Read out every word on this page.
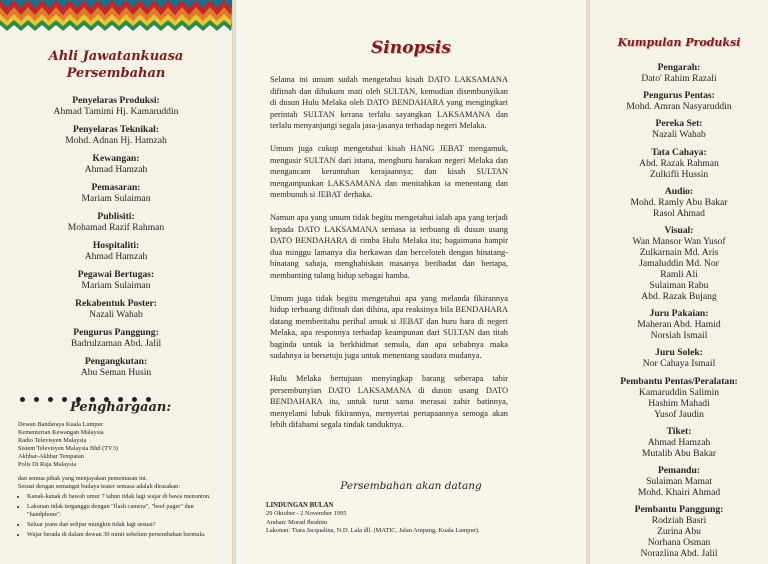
Ahli Jawatankuasa
Persembahan
Penyelaras Produksi:
Ahmad Tamimi Hj. Kamaruddin
Penyelaras Teknikal:
Mohd. Adnan Hj. Hamzah
Kewangan:
Ahmad Hamzah
Pemasaran:
Mariam Sulaiman
Publisiti:
Mohamad Razif Rahman
Hospitaliti:
Ahmad Hamzah
Pegawai Bertugas:
Mariam Sulaiman
Rekabentuk Poster:
Nazali Wahab
Pengurus Panggung:
Badrulzaman Abd. Jalil
Pengangkutan:
Abu Seman Husin
Penghargaan:
Dewan Bandaraya Kuala Lumpur
Kementerian Kewangan Malaysia
Radio Televisyen Malaysia
Sistem Televisyen Malaysia Bhd (TV3)
Akhbar-Akhbar Tempatan
Polis Di Raja Malaysia
dan semua pihak yang menjayakan pementasan ini.
Sesuai dengan semangat budaya teater semasa adalah dirasakan:
• Kanak-kanak di bawah umur 7 tahun tidak lagi wajar di bawa menonton.
• Lakonan tidak terganggu dengan "flash camera", "beef pager" dan "handphone".
• Seluar jeans dan selipar mungkin tidak lagi sesuai?
• Wajar berada di dalam dewan 30 minit sebelum persembahan bermula.
Sinopsis

Selama ini umum sudah mengetahui kisah DATO LAKSAMANA difitnah dan dihukum mati oleh SULTAN, kemudian disembunyikan di dusun Hulu Melaka oleh DATO BENDAHARA yang mengingkari perintah SULTAN kerana terlalu sayangkan LAKSAMANA dan terlalu menyanjungi segala jasa-jasanya terhadap negeri Melaka.

Umum juga cukup mengetahui kisah HANG JEBAT mengamuk, mengusir SULTAN dari istana, menghuru harakan negeri Melaka dan mengancam keruntuhan kerajaannya; dan kisah SULTAN mengampunkan LAKSAMANA dan menitahkan ia menentang dan membunuh si JEBAT derhaka.

Namun apa yang umum tidak begitu mengetahui ialah apa yang terjadi kepada DATO LAKSAMANA semasa ia terbuang di dusun usang DATO BENDAHARA di rimba Hulu Melaka itu; bagaimana hampir dua minggu lamanya dia berkawan dan berceloteh dengan binatang-binatang sahaja, menghabiskan masanya beribadat dan bertapa, membanting tulang hidup sebagai hamba.

Umum juga tidak begitu mengetahui apa yang melanda fikirannya hidup terbuang difitnah dan dihina, apa reaksinya bila BENDAHARA datang memberitahu perihal amuk si JEBAT dan huru hara di negeri Melaka, apa responnya terhadap keampunan dari SULTAN dan titah baginda untuk ia berkhidmat semula, dan apa sebabnya maka sudahnya ia bersetuju juga untuk menentang saudara mudanya.

Hulu Melaka bertujuan menyingkap barang seberapa tabir persembunyian DATO LAKSAMANA di dusun usang DATO BENDAHARA itu, untuk turut sama merasai zahir batinnya, menyelami lubuk fikirannya, menyertai pertapaannya semoga akan lebih difahami segala tindak tanduknya.

Persembahan akan datang
LINDUNGAN BULAN
29 Oktober - 2 November 1995
Arahan: Morad Ibrahim
Lakonan: Tiara Jacqualina, N.D. Lala dll. (MATIC, Jalan Ampang, Kuala Lumpur).
Kumpulan Produksi
Pengarah:
Dato' Rahim Razali
Pengurus Pentas:
Mohd. Amran Nasyaruddin
Pereka Set:
Nazali Wahab
Tata Cahaya:
Abd. Razak Rahman
Zulkifli Hussin
Audio:
Mohd. Ramly Abu Bakar
Rasol Ahmad
Visual:
Wan Mansor Wan Yusof
Zulkarnain Md. Aris
Jamaluddin Md. Nor
Ramli Ali
Sulaiman Rabu
Abd. Razak Bujang
Juru Pakaian:
Maheran Abd. Hamid
Norsiah Ismail
Juru Solek:
Nor Cahaya Ismail
Pembantu Pentas/Peralatan:
Kamaruddin Salimin
Hashim Mahadi
Yusof Jaudin
Tiket:
Ahmad Hamzah
Mutalib Abu Bakar
Pemandu:
Sulaiman Mamat
Mohd. Khairi Ahmad
Pembantu Panggung:
Rodziah Basri
Zurina Abu
Norhana Osman
Norazlina Abd. Jalil
